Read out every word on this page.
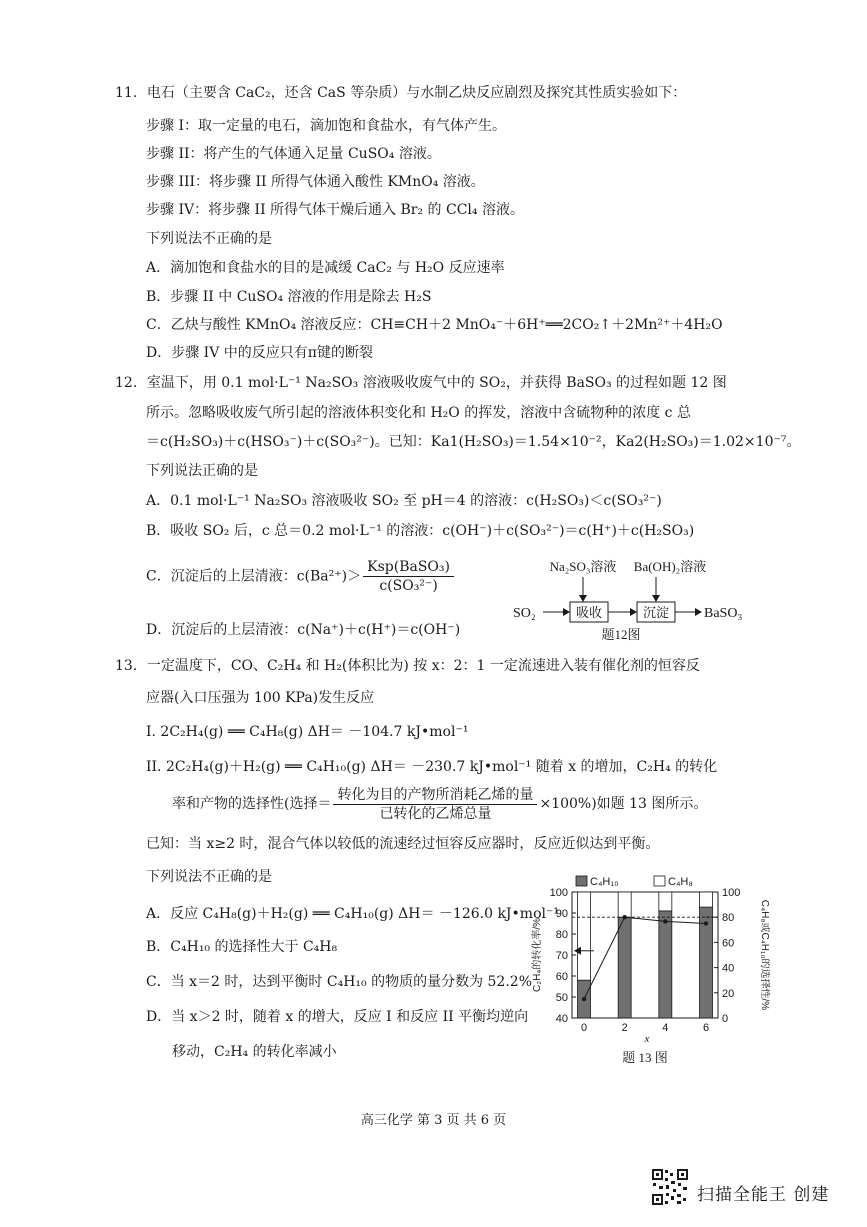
11．电石（主要含 CaC₂，还含 CaS 等杂质）与水制乙炔反应剧烈及探究其性质实验如下：
步骤 I：取一定量的电石，滴加饱和食盐水，有气体产生。
步骤 II：将产生的气体通入足量 CuSO₄ 溶液。
步骤 III：将步骤 II 所得气体通入酸性 KMnO₄ 溶液。
步骤 IV：将步骤 II 所得气体干燥后通入 Br₂ 的 CCl₄ 溶液。
下列说法不正确的是
A．滴加饱和食盐水的目的是减缓 CaC₂ 与 H₂O 反应速率
B．步骤 II 中 CuSO₄ 溶液的作用是除去 H₂S
C．乙炔与酸性 KMnO₄ 溶液反应：CH≡CH＋2 MnO₄⁻＋6H⁺══2CO₂↑＋2Mn²⁺＋4H₂O
D．步骤 IV 中的反应只有π键的断裂
12．室温下，用 0.1 mol·L⁻¹ Na₂SO₃ 溶液吸收废气中的 SO₂，并获得 BaSO₃ 的过程如题 12 图
所示。忽略吸收废气所引起的溶液体积变化和 H₂O 的挥发，溶液中含硫物种的浓度 c 总
＝c(H₂SO₃)＋c(HSO₃⁻)＋c(SO₃²⁻)。已知：Ka1(H₂SO₃)＝1.54×10⁻²，Ka2(H₂SO₃)＝1.02×10⁻⁷。
下列说法正确的是
A．0.1 mol·L⁻¹ Na₂SO₃ 溶液吸收 SO₂ 至 pH＝4 的溶液：c(H₂SO₃)＜c(SO₃²⁻)
B．吸收 SO₂ 后，c 总＝0.2 mol·L⁻¹ 的溶液：c(OH⁻)＋c(SO₃²⁻)＝c(H⁺)＋c(H₂SO₃)
C．沉淀后的上层清液：$c(Ba^{2+})> \frac{\text{Ksp(BaSO₃)}}{\text{c(SO₃²⁻)}}$
D．沉淀后的上层清液：c(Na⁺)＋c(H⁺)＝c(OH⁻)
Na₂SO₃溶液 Ba(OH)₂溶液
SO₂	吸收	沉淀 BaSO₃
题12图
13．一定温度下，CO、C₂H₄ 和 H₂(体积比为) 按 x：2：1 一定流速进入装有催化剂的恒容反
应器(入口压强为 100 KPa)发生反应
I. 2C₂H₄(g) ══ C₄H₈(g) ΔH＝ －104.7 kJ•mol⁻¹
II. 2C₂H₄(g)＋H₂(g) ══ C₄H₁₀(g) ΔH＝ －230.7 kJ•mol⁻¹ 随着 x 的增加，C₂H₄ 的转化
率和产物的选择性(选择＝ $\frac{\text{转化为目的产物所消耗乙烯的量}}{\text{已转化的乙烯总量}} \times 100\%$)如题 13 图所示。
已知：当 x≥2 时，混合气体以较低的流速经过恒容反应器时，反应近似达到平衡。
下列说法不正确的是
A．反应 C₄H₈(g)＋H₂(g) ══ C₄H₁₀(g) ΔH＝ －126.0 kJ•mol⁻¹
B．C₄H₁₀ 的选择性大于 C₄H₈
C．当 x＝2 时，达到平衡时 C₄H₁₀ 的物质的量分数为 52.2%
D．当 x＞2 时，随着 x 的增大，反应 I 和反应 II 平衡均逆向
移动，C₂H₄ 的转化率减小
40
50
60
70
80
90
100
0
20
40
60
80
100
0	2	4	6
x
C₄H₁₀	C₄H₈
C₂H₄的转化率/%	C₄H₈或C₄H₁₀的选择性/%
题 13 图
高三化学 第 3 页 共 6 页
扫描全能王 创建
